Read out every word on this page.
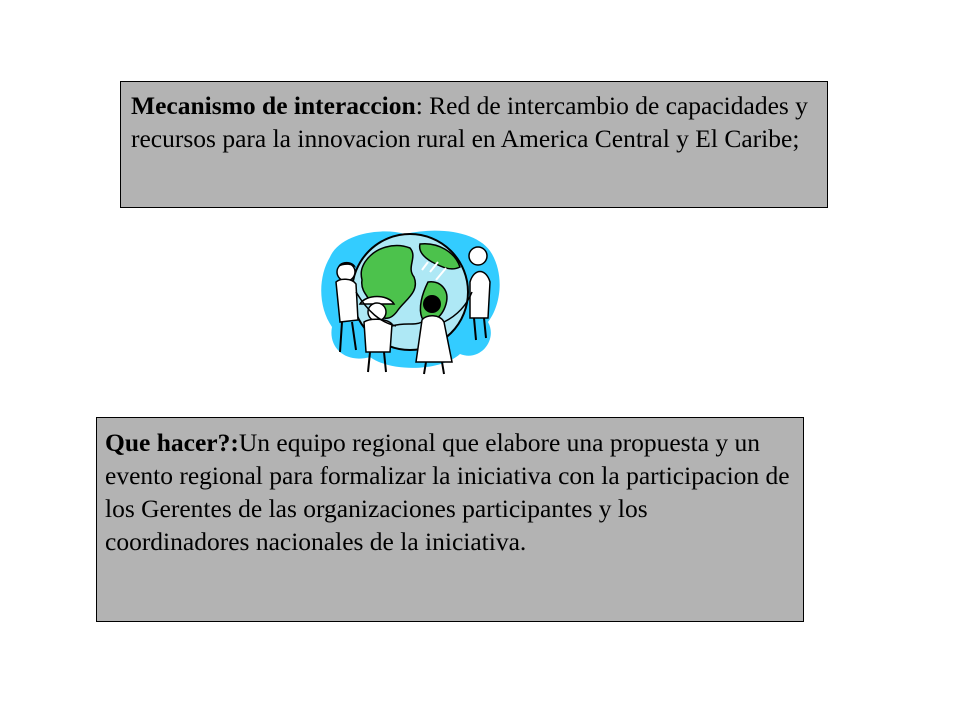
Mecanismo de interaccion: Red de intercambio de capacidades y recursos para la innovacion rural en America Central y El Caribe;
Que hacer?:Un equipo regional que elabore una propuesta y un evento regional para formalizar la iniciativa con la participacion de los Gerentes de las organizaciones participantes y los coordinadores nacionales de la iniciativa.
